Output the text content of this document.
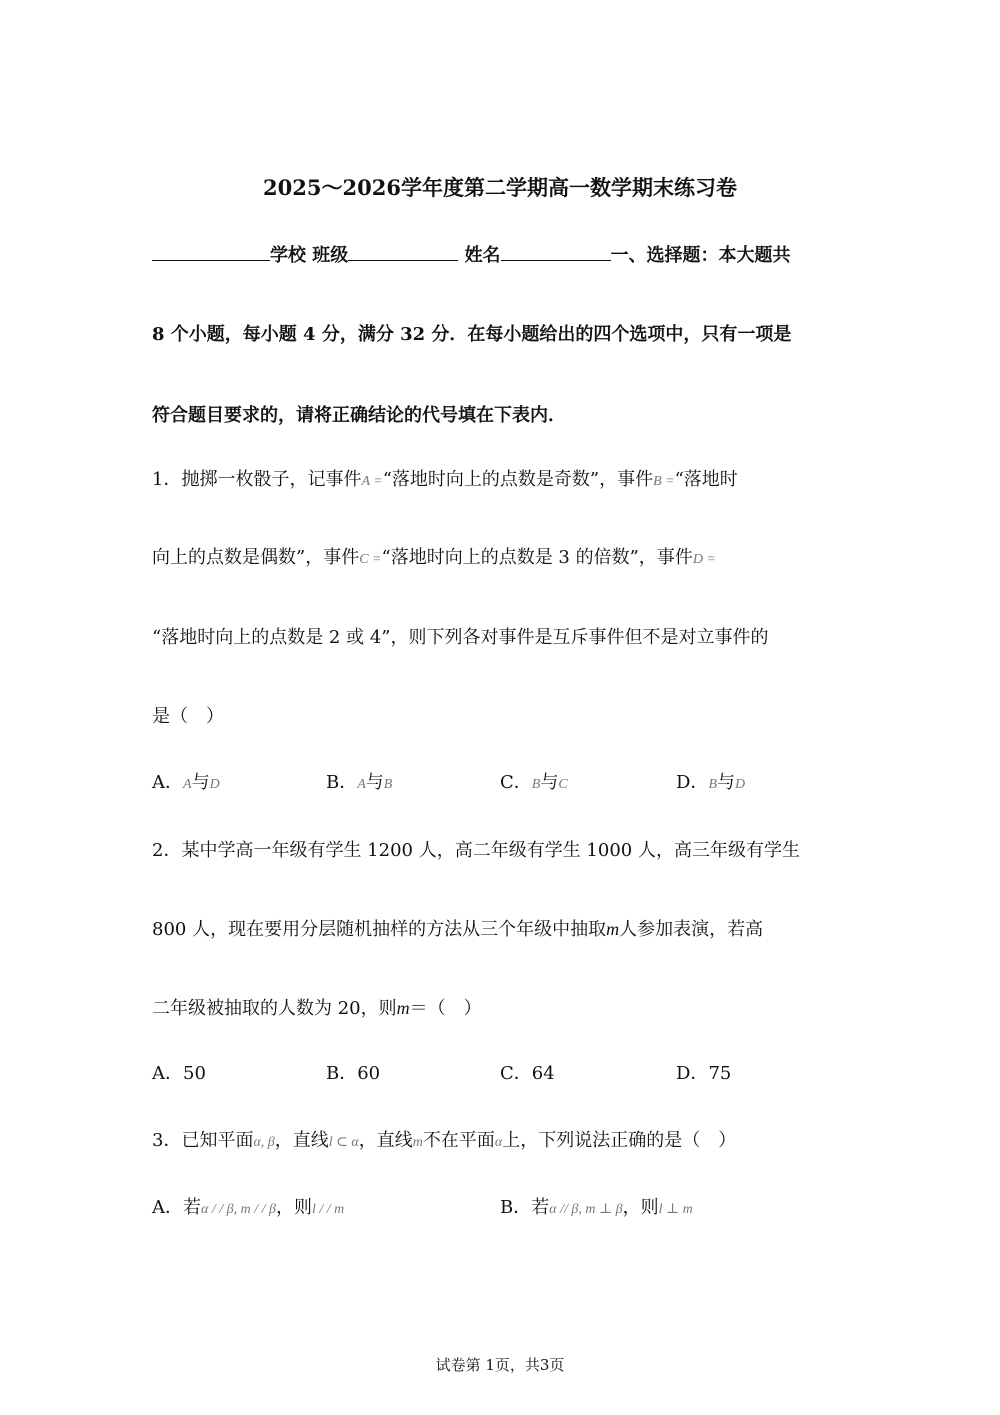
2025～2026学年度第二学期高一数学期末练习卷
学校 班级	姓名	一、选择题：本大题共
8 个小题，每小题 4 分，满分 32 分．在每小题给出的四个选项中，只有一项是
符合题目要求的，请将正确结论的代号填在下表内．
1．抛掷一枚骰子，记事件A =“落地时向上的点数是奇数”，事件B =“落地时
向上的点数是偶数”，事件C =“落地时向上的点数是 3 的倍数”，事件D =
“落地时向上的点数是 2 或 4”，则下列各对事件是互斥事件但不是对立事件的
是（　）
A．A与D	B．A与B	C．B与C	D．B与D
2．某中学高一年级有学生 1200 人，高二年级有学生 1000 人，高三年级有学生
800 人，现在要用分层随机抽样的方法从三个年级中抽取m人参加表演，若高
二年级被抽取的人数为 20，则m＝（　）
A．50	B．60	C．64	D．75
3．已知平面α, β，直线l ⊂ α，直线m不在平面α上，下列说法正确的是（　）
A．若α / / β, m / / β，则l / / m	B．若α // β, m ⊥ β，则l ⊥ m
试卷第 1页，共3页
